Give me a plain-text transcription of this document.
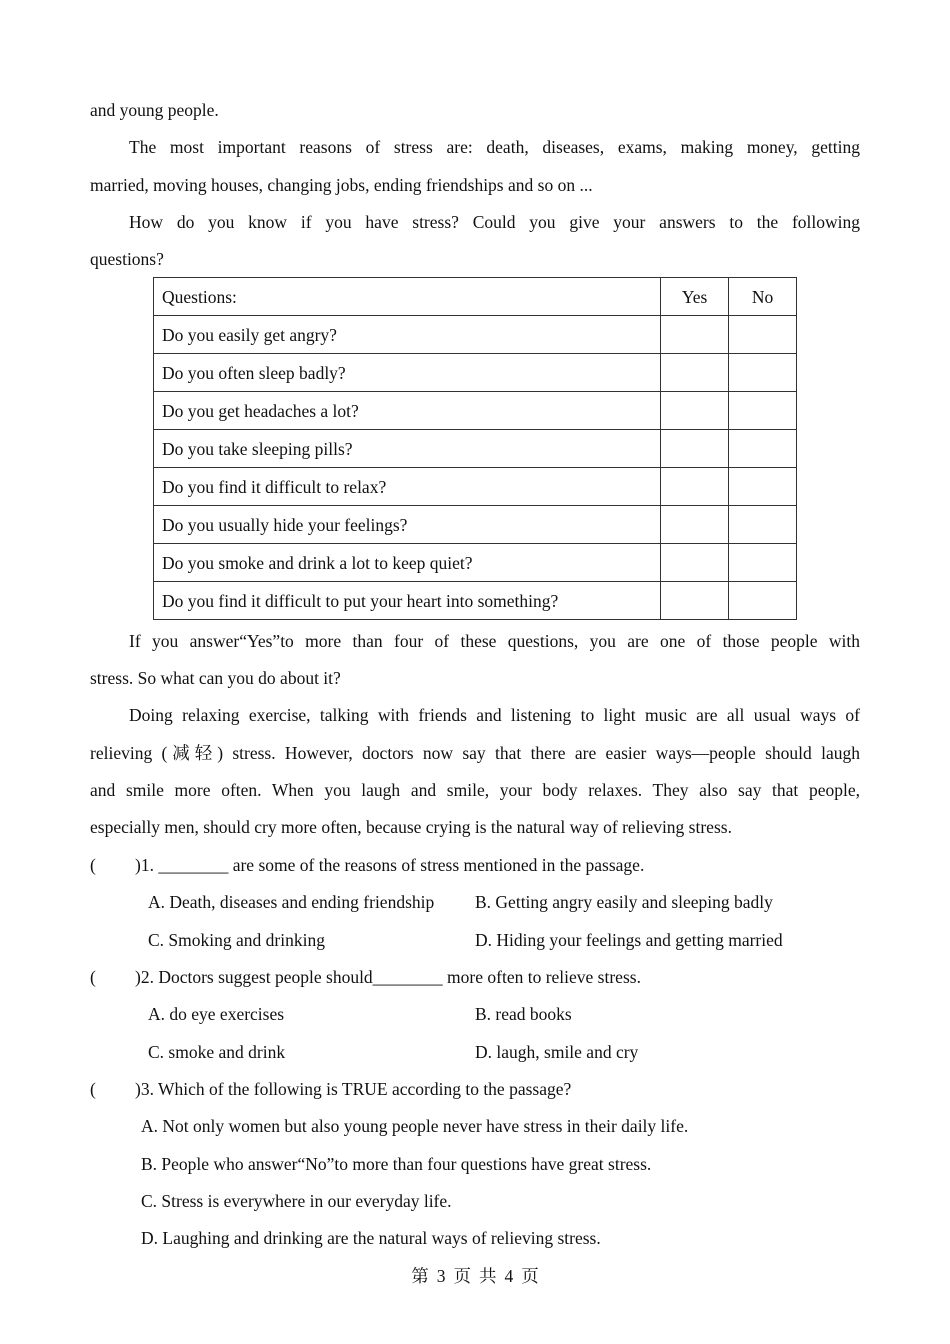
and young people.
The most important reasons of stress are: death, diseases, exams, making money, getting
married, moving houses, changing jobs, ending friendships and so on ...
How do you know if you have stress? Could you give your answers to the following
questions?
Questions:	Yes	No
Do you easily get angry?		
Do you often sleep badly?		
Do you get headaches a lot?		
Do you take sleeping pills?		
Do you find it difficult to relax?		
Do you usually hide your feelings?		
Do you smoke and drink a lot to keep quiet?		
Do you find it difficult to put your heart into something?		
If you answer“Yes”to more than four of these questions, you are one of those people with
stress. So what can you do about it?
Doing relaxing exercise, talking with friends and listening to light music are all usual ways of
relieving (减轻) stress. However, doctors now say that there are easier ways—people should laugh
and smile more often. When you laugh and smile, your body relaxes. They also say that people,
especially men, should cry more often, because crying is the natural way of relieving stress.
( )1. ________ are some of the reasons of stress mentioned in the passage.
A. Death, diseases and ending friendship B. Getting angry easily and sleeping badly
C. Smoking and drinking	D. Hiding your feelings and getting married
( )2. Doctors suggest people should________ more often to relieve stress.
A. do eye exercises	B. read books
C. smoke and drink	D. laugh, smile and cry
( )3. Which of the following is TRUE according to the passage?
A. Not only women but also young people never have stress in their daily life.
B. People who answer“No”to more than four questions have great stress.
C. Stress is everywhere in our everyday life.
D. Laughing and drinking are the natural ways of relieving stress.
第 3 页 共 4 页
